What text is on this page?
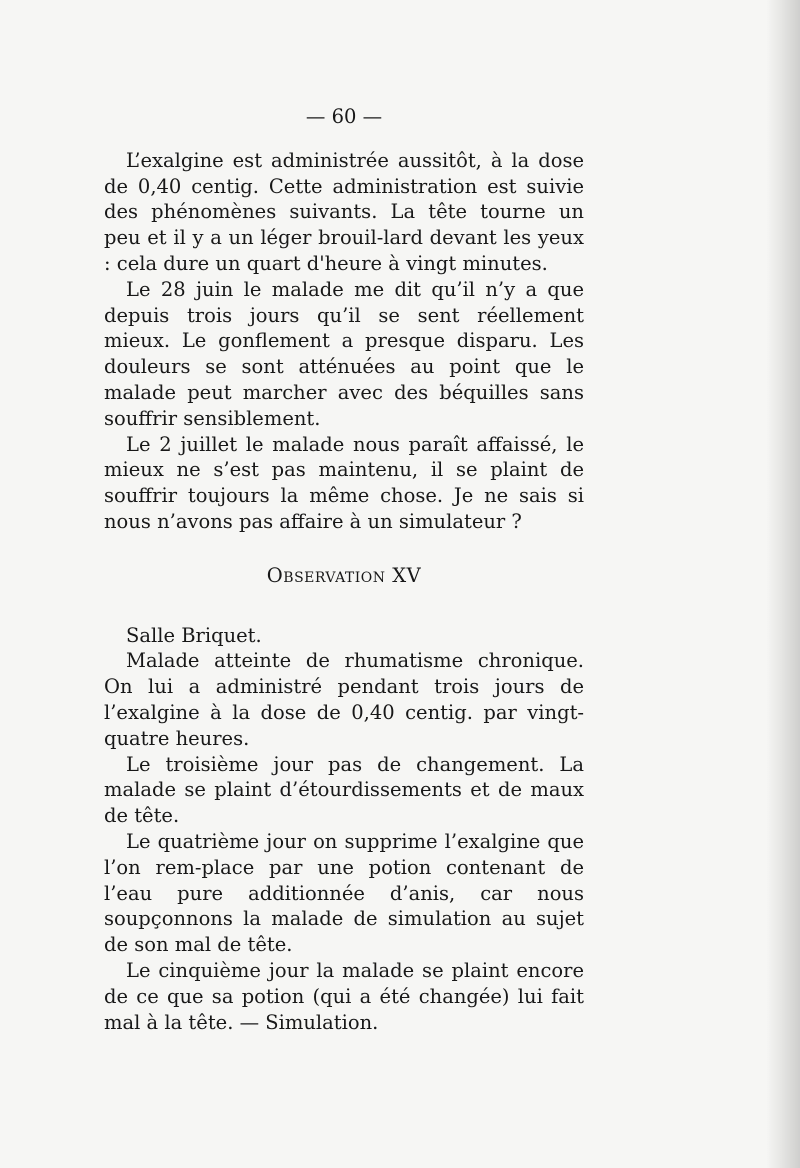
— 60 —

L’exalgine est administrée aussitôt, à la dose de 0,40 centig. Cette administration est suivie des phénomènes suivants. La tête tourne un peu et il y a un léger brouil-lard devant les yeux : cela dure un quart d'heure à vingt minutes.

Le 28 juin le malade me dit qu’il n’y a que depuis trois jours qu’il se sent réellement mieux. Le gonflement a presque disparu. Les douleurs se sont atténuées au point que le malade peut marcher avec des béquilles sans souffrir sensiblement.

Le 2 juillet le malade nous paraît affaissé, le mieux ne s’est pas maintenu, il se plaint de souffrir toujours la même chose. Je ne sais si nous n’avons pas affaire à un simulateur ?

Observation XV

Salle Briquet.

Malade atteinte de rhumatisme chronique. On lui a administré pendant trois jours de l’exalgine à la dose de 0,40 centig. par vingt-quatre heures.

Le troisième jour pas de changement. La malade se plaint d’étourdissements et de maux de tête.

Le quatrième jour on supprime l’exalgine que l’on rem-place par une potion contenant de l’eau pure additionnée d’anis, car nous soupçonnons la malade de simulation au sujet de son mal de tête.

Le cinquième jour la malade se plaint encore de ce que sa potion (qui a été changée) lui fait mal à la tête. — Simulation.
